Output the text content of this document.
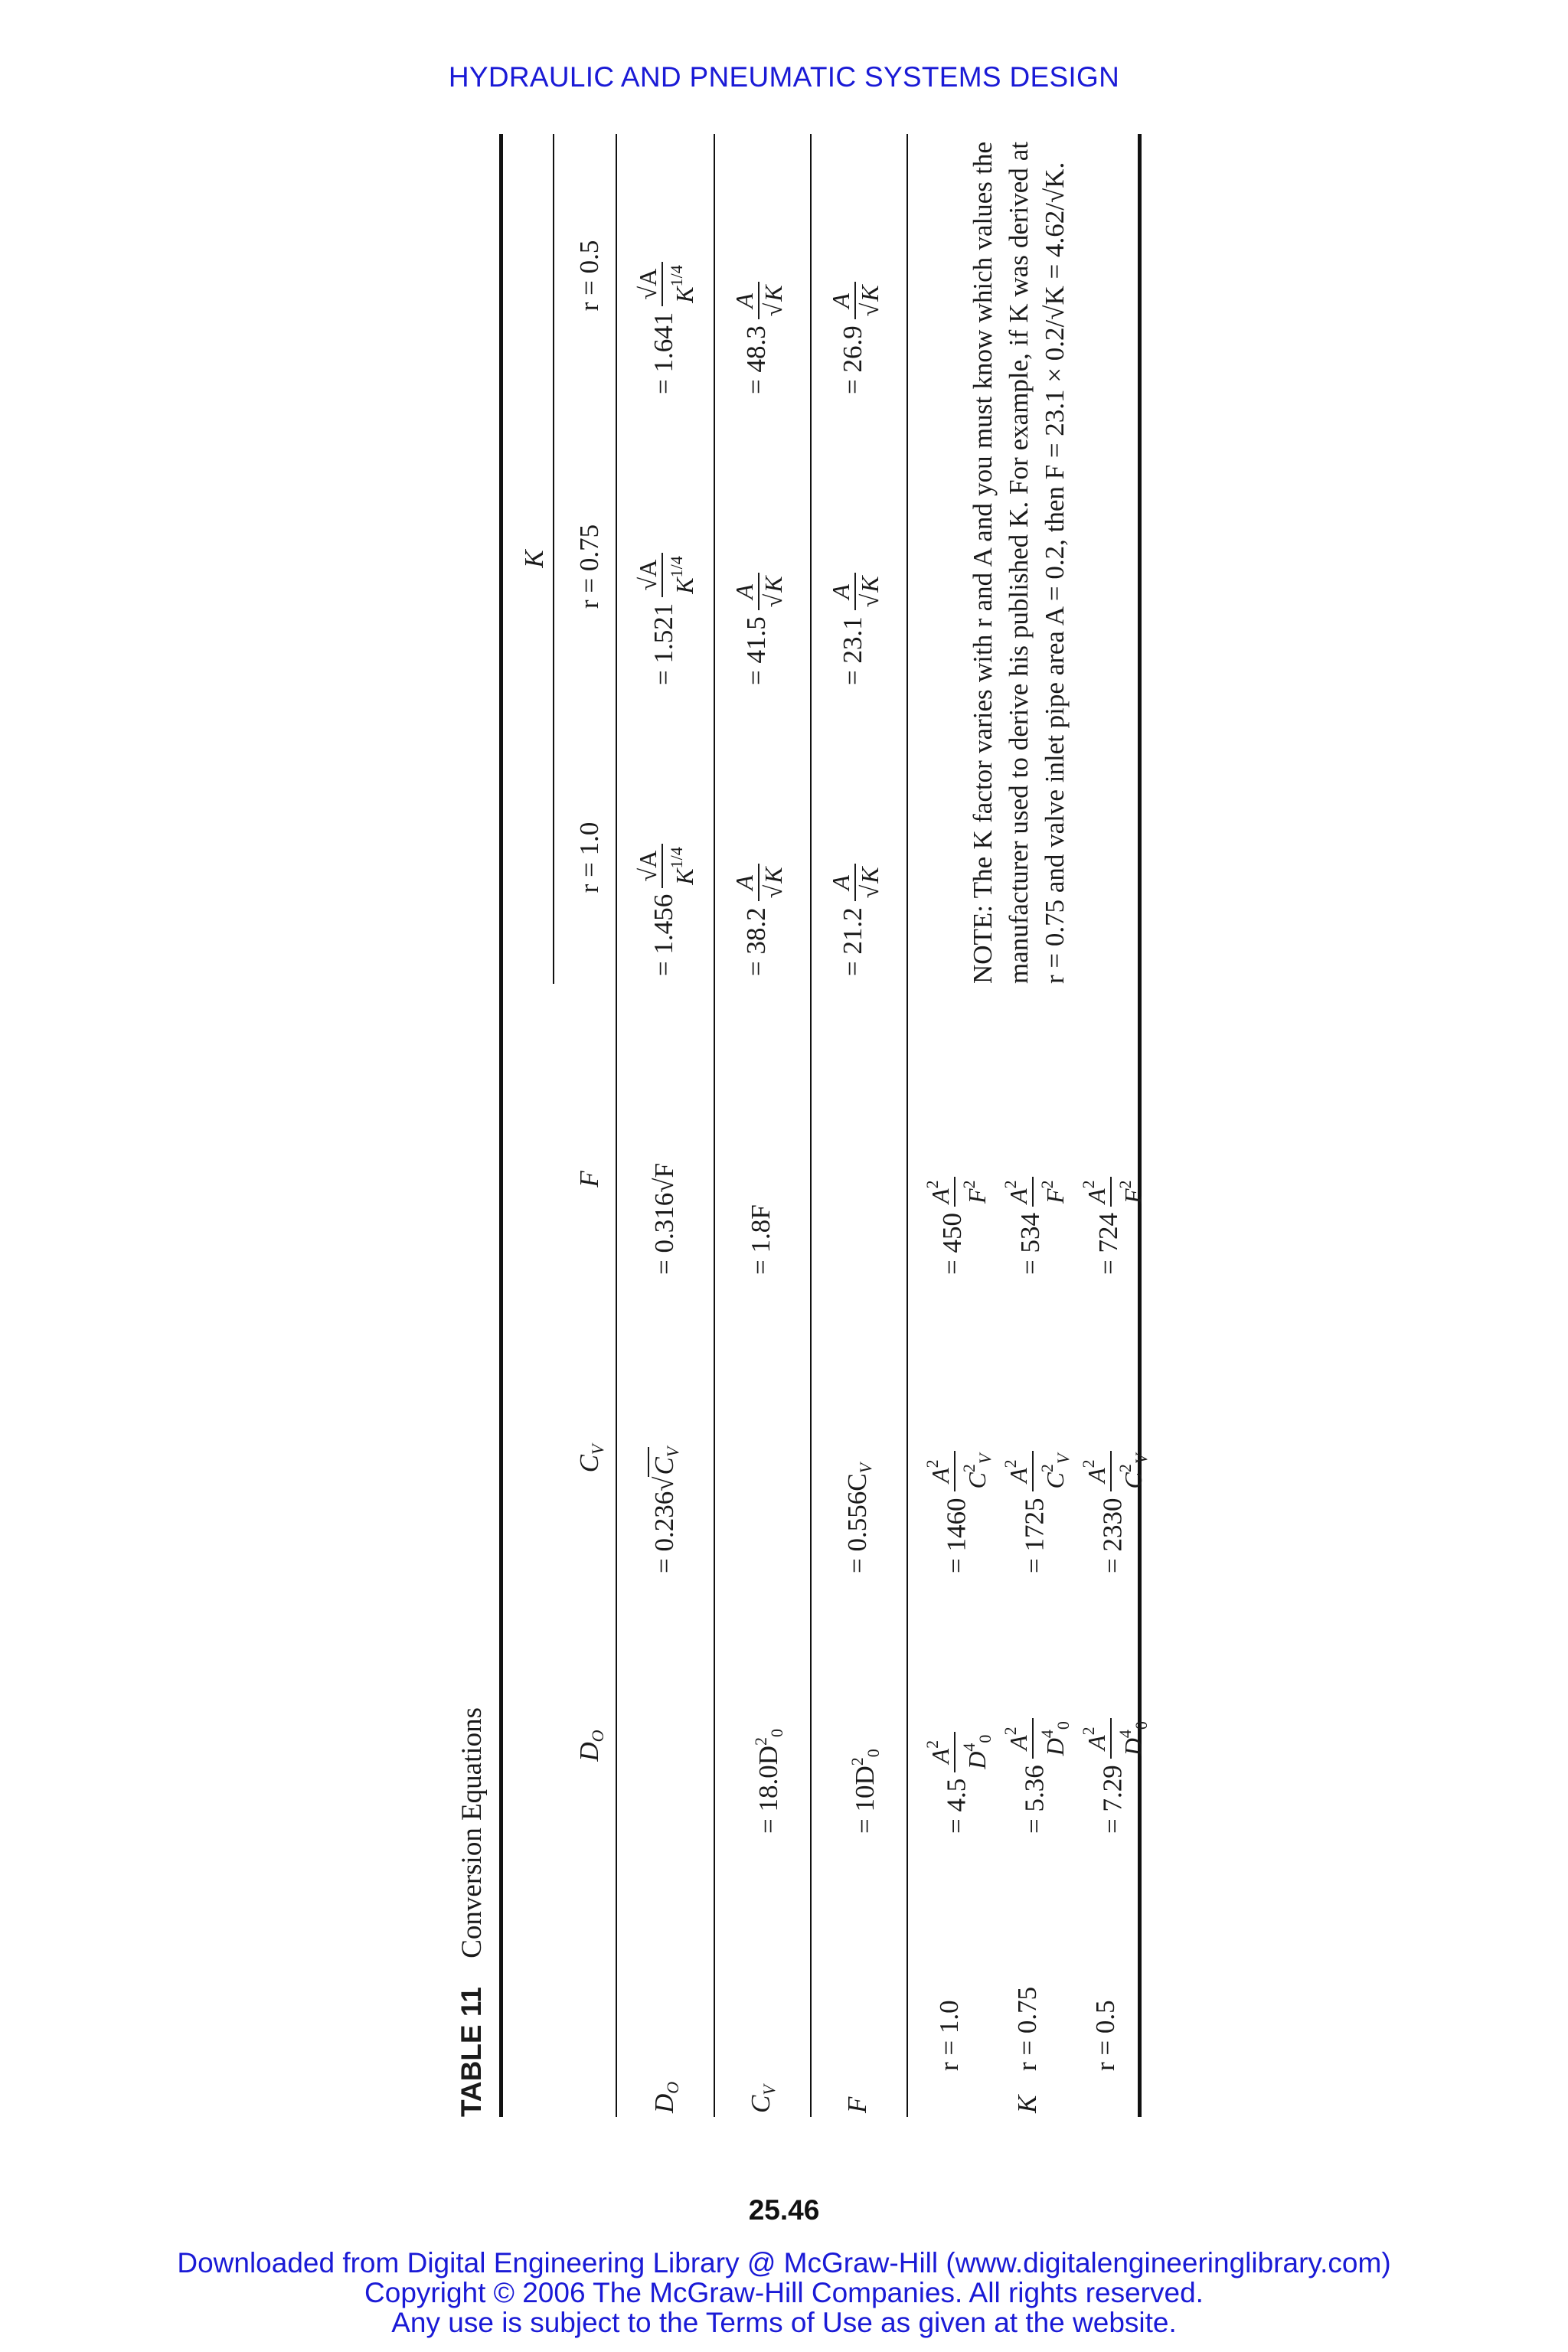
HYDRAULIC AND PNEUMATIC SYSTEMS DESIGN
TABLE 11 Conversion Equations	$D_O$
$C_V$
F
K
r = 1.0
r = 0.75
r = 0.5
$D_O$
= $0.236√C_V$
= 0.316√F
= 1.456
√A $K^{1/4}$
= 1.521
√A $K^{1/4}$
= 1.641
√A $K^{1/4}$
$C_V$
= $18.0D^2_0$
= 1.8F
= 38.2
A
√K
= 41.5
A
√K
= 48.3
A
√K
F
= $10D^2_0$
= $0.556C_V$
= 21.2
A
√K
= 23.1
A
√K
= 26.9
A
√K
K
r = 1.0 r = 0.75 r = 0.5
= 4.5
$A^2$
$D^4_0$
= 5.36
$A^2$
$D^4_0$
= 7.29
$A^2$
$D^4_0$
= 1460
$A^2$
$C^2_V$
= 1725
$A^2$
$C^2_V$
= 2330
$A^2$
$C^2_V$
= 450
$A^2$
$F^2$
= 534
$A^2$
$F^2$
= 724
$A^2$
$F^2$
NOTE: The K factor varies with r and A and you must know which values the manufacturer used to derive his published K. For example, if K was derived at r = 0.75 and valve inlet pipe area A = 0.2, then F = 23.1 × 0.2/√K = 4.62/√K.
25.46
Downloaded from Digital Engineering Library @ McGraw-Hill (www.digitalengineeringlibrary.com)
Copyright © 2006 The McGraw-Hill Companies. All rights reserved.
Any use is subject to the Terms of Use as given at the website.
